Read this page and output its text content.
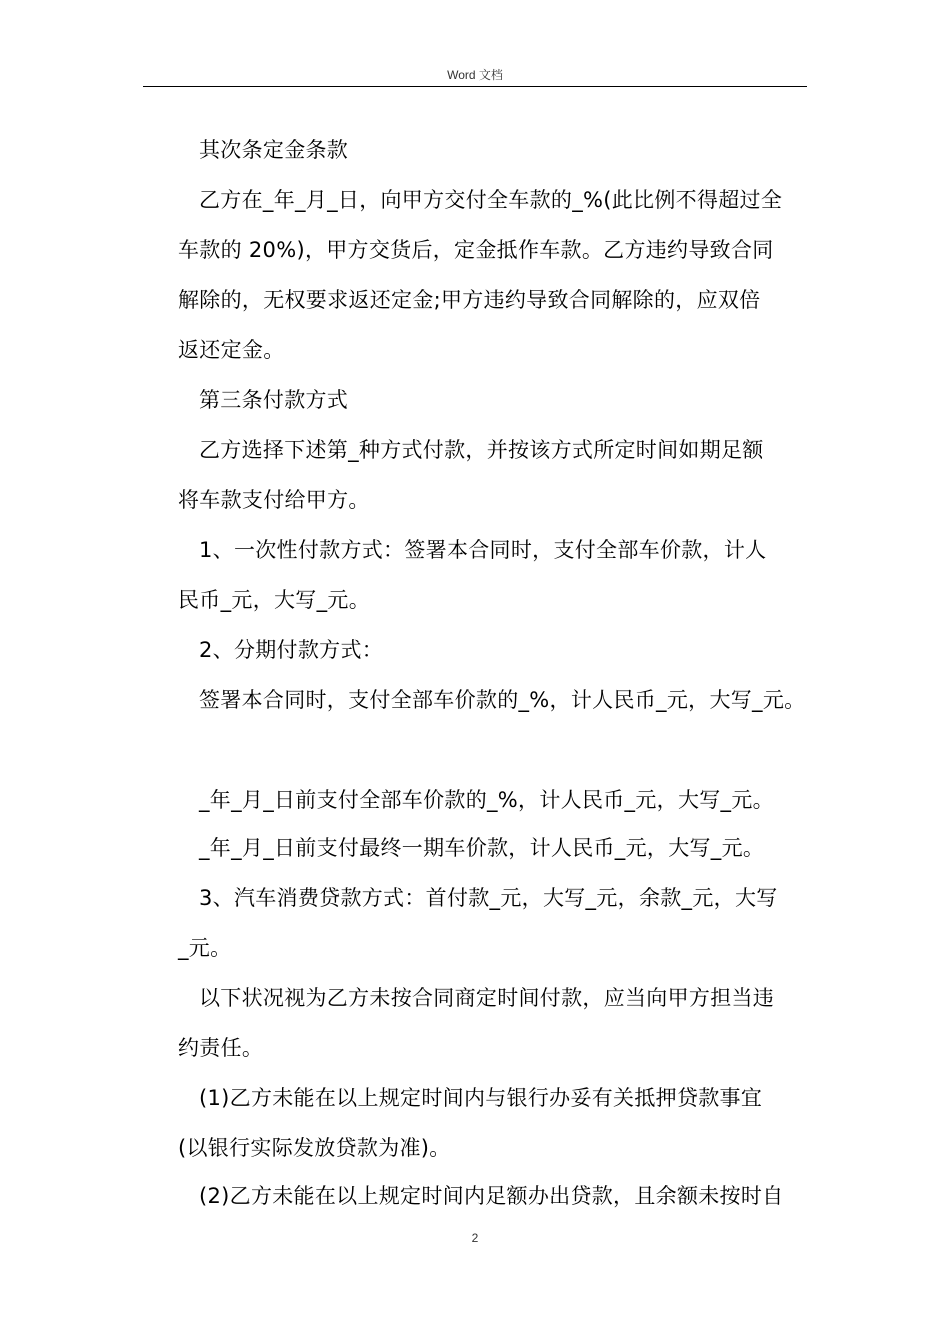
Word 文档
其次条定金条款
乙方在_年_月_日，向甲方交付全车款的_%(此比例不得超过全
车款的 20%)，甲方交货后，定金抵作车款。乙方违约导致合同
解除的，无权要求返还定金;甲方违约导致合同解除的，应双倍
返还定金。
第三条付款方式
乙方选择下述第_种方式付款，并按该方式所定时间如期足额
将车款支付给甲方。
1、一次性付款方式：签署本合同时，支付全部车价款，计人
民币_元，大写_元。
2、分期付款方式：
签署本合同时，支付全部车价款的_%，计人民币_元，大写_元。
_年_月_日前支付全部车价款的_%，计人民币_元，大写_元。
_年_月_日前支付最终一期车价款，计人民币_元，大写_元。
3、汽车消费贷款方式：首付款_元，大写_元，余款_元，大写
_元。
以下状况视为乙方未按合同商定时间付款，应当向甲方担当违
约责任。
(1)乙方未能在以上规定时间内与银行办妥有关抵押贷款事宜
(以银行实际发放贷款为准)。
(2)乙方未能在以上规定时间内足额办出贷款，且余额未按时自
2
